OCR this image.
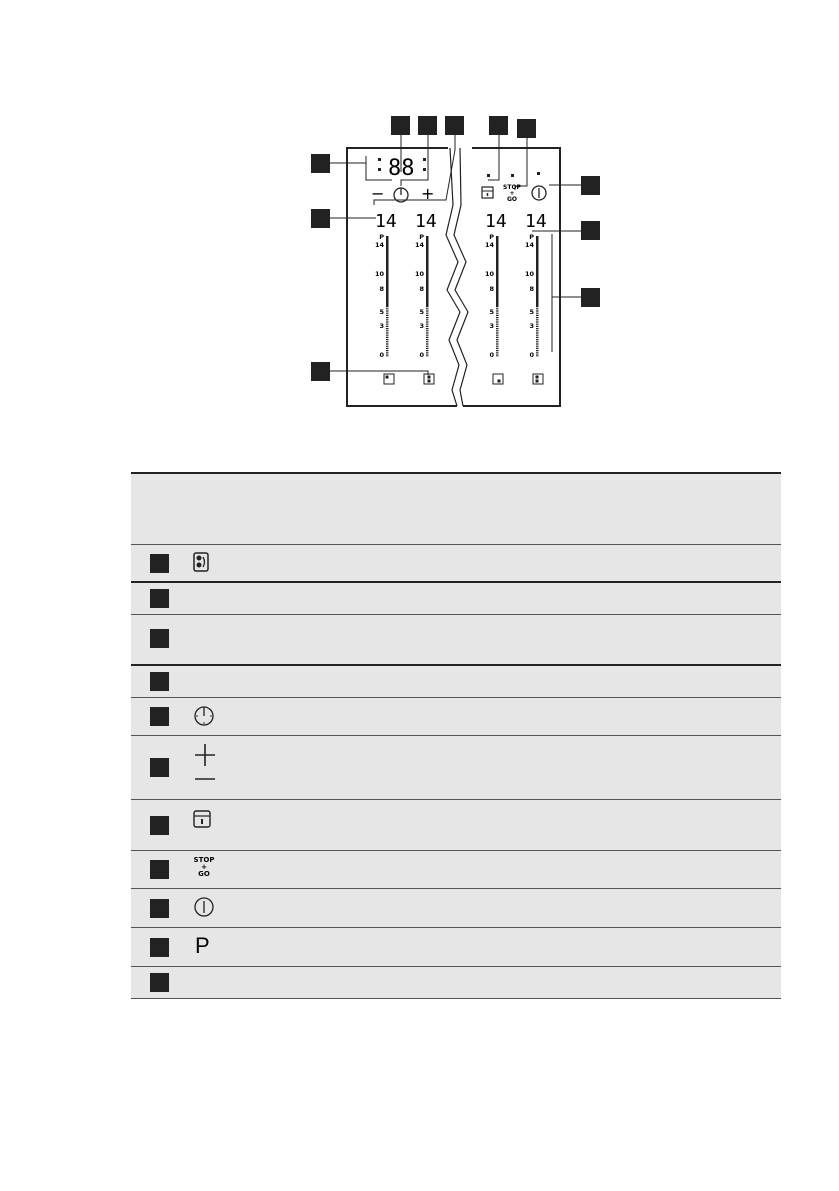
88
− +	STOP
+
GO
14 14	14 14
P
14
10
8
5
3
0
P
14
10
8
5
3
0
P
14
10
8
5
3
0
P
14
10
8
5
3
0
STOP
+
GO
P
